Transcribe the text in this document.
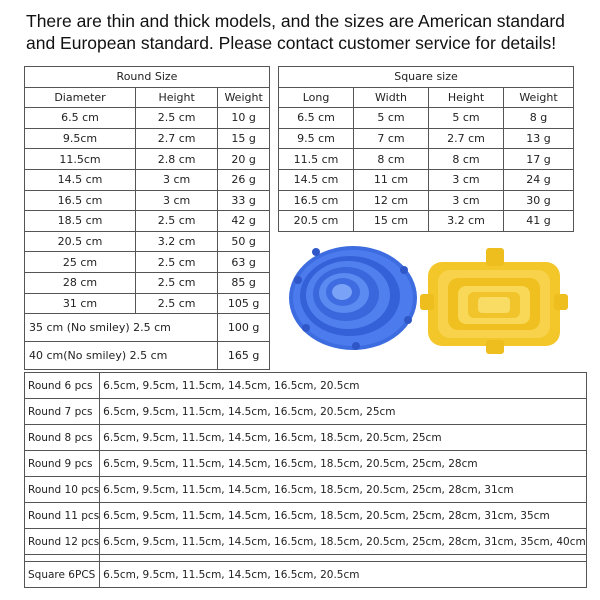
There are thin and thick models, and the sizes are American standard and European standard. Please contact customer service for details!

Round Size		
Diameter	Height	Weight
6.5 cm	2.5 cm	10 g
9.5cm	2.7 cm	15 g
11.5cm	2.8 cm	20 g
14.5 cm	3 cm	26 g
16.5 cm	3 cm	33 g
18.5 cm	2.5 cm	42 g
20.5 cm	3.2 cm	50 g
25 cm	2.5 cm	63 g
28 cm	2.5 cm	85 g
31 cm	2.5 cm	105 g
35 cm (No smiley) 2.5 cm		100 g
40 cm(No smiley) 2.5 cm		165 g
Square size			
Long	Width	Height	Weight
6.5 cm	5 cm	5 cm	8 g
9.5 cm	7 cm	2.7 cm	13 g
11.5 cm	8 cm	8 cm	17 g
14.5 cm	11 cm	3 cm	24 g
16.5 cm	12 cm	3 cm	30 g
20.5 cm	15 cm	3.2 cm	41 g
Round 6 pcs	6.5cm, 9.5cm, 11.5cm, 14.5cm, 16.5cm, 20.5cm
Round 7 pcs	6.5cm, 9.5cm, 11.5cm, 14.5cm, 16.5cm, 20.5cm, 25cm
Round 8 pcs	6.5cm, 9.5cm, 11.5cm, 14.5cm, 16.5cm, 18.5cm, 20.5cm, 25cm
Round 9 pcs	6.5cm, 9.5cm, 11.5cm, 14.5cm, 16.5cm, 18.5cm, 20.5cm, 25cm, 28cm
Round 10 pcs	6.5cm, 9.5cm, 11.5cm, 14.5cm, 16.5cm, 18.5cm, 20.5cm, 25cm, 28cm, 31cm
Round 11 pcs	6.5cm, 9.5cm, 11.5cm, 14.5cm, 16.5cm, 18.5cm, 20.5cm, 25cm, 28cm, 31cm, 35cm
Round 12 pcs	6.5cm, 9.5cm, 11.5cm, 14.5cm, 16.5cm, 18.5cm, 20.5cm, 25cm, 28cm, 31cm, 35cm, 40cm

Square 6PCS	6.5cm, 9.5cm, 11.5cm, 14.5cm, 16.5cm, 20.5cm
